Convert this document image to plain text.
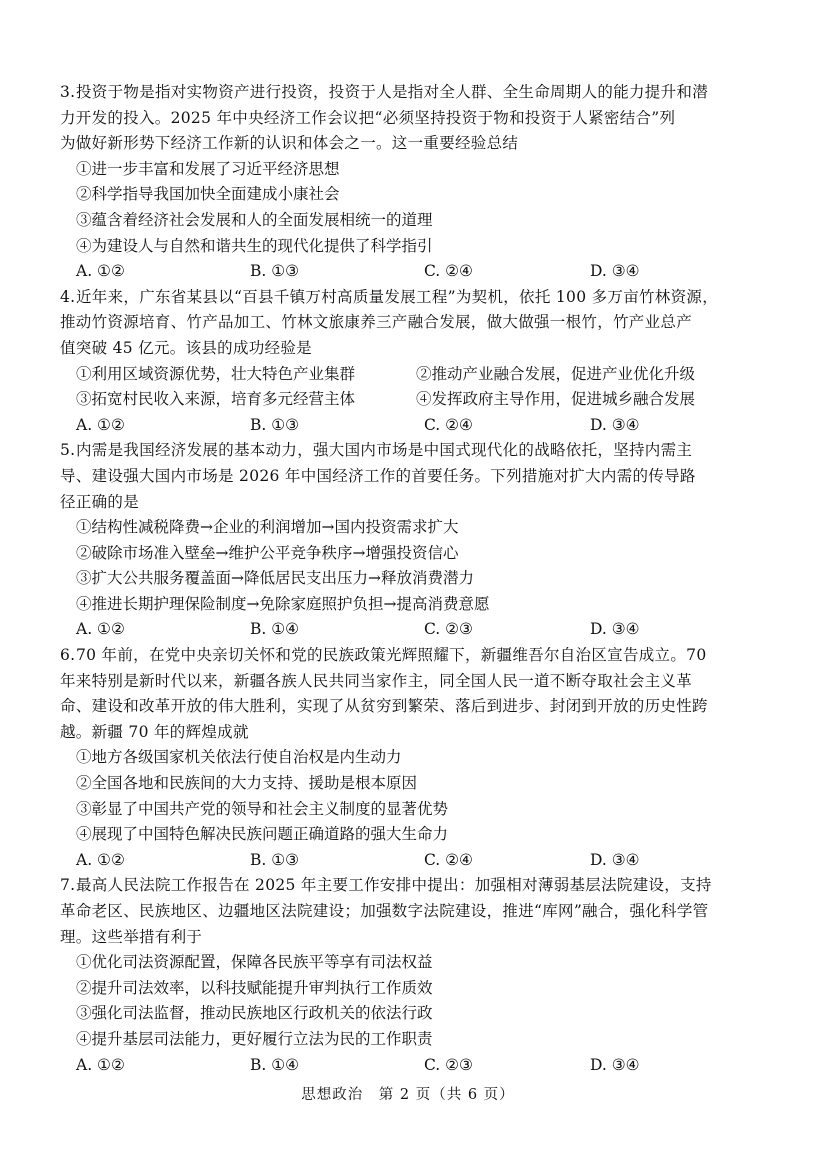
3.投资于物是指对实物资产进行投资，投资于人是指对全人群、全生命周期人的能力提升和潜
力开发的投入。2025 年中央经济工作会议把“必须坚持投资于物和投资于人紧密结合”列
为做好新形势下经济工作新的认识和体会之一。这一重要经验总结
①进一步丰富和发展了习近平经济思想
②科学指导我国加快全面建成小康社会
③蕴含着经济社会发展和人的全面发展相统一的道理
④为建设人与自然和谐共生的现代化提供了科学指引
A. ①②	B. ①③	C. ②④	D. ③④
4.近年来，广东省某县以“百县千镇万村高质量发展工程”为契机，依托 100 多万亩竹林资源，
推动竹资源培育、竹产品加工、竹林文旅康养三产融合发展，做大做强一根竹，竹产业总产
值突破 45 亿元。该县的成功经验是
①利用区域资源优势，壮大特色产业集群	②推动产业融合发展，促进产业优化升级
③拓宽村民收入来源，培育多元经营主体	④发挥政府主导作用，促进城乡融合发展
A. ①②	B. ①③	C. ②④	D. ③④
5.内需是我国经济发展的基本动力，强大国内市场是中国式现代化的战略依托，坚持内需主
导、建设强大国内市场是 2026 年中国经济工作的首要任务。下列措施对扩大内需的传导路
径正确的是
①结构性减税降费→企业的利润增加→国内投资需求扩大
②破除市场准入壁垒→维护公平竞争秩序→增强投资信心
③扩大公共服务覆盖面→降低居民支出压力→释放消费潜力
④推进长期护理保险制度→免除家庭照护负担→提高消费意愿
A. ①②	B. ①④	C. ②③	D. ③④
6.70 年前，在党中央亲切关怀和党的民族政策光辉照耀下，新疆维吾尔自治区宣告成立。70
年来特别是新时代以来，新疆各族人民共同当家作主，同全国人民一道不断夺取社会主义革
命、建设和改革开放的伟大胜利，实现了从贫穷到繁荣、落后到进步、封闭到开放的历史性跨
越。新疆 70 年的辉煌成就
①地方各级国家机关依法行使自治权是内生动力
②全国各地和民族间的大力支持、援助是根本原因
③彰显了中国共产党的领导和社会主义制度的显著优势
④展现了中国特色解决民族问题正确道路的强大生命力
A. ①②	B. ①③	C. ②④	D. ③④
7.最高人民法院工作报告在 2025 年主要工作安排中提出：加强相对薄弱基层法院建设，支持
革命老区、民族地区、边疆地区法院建设；加强数字法院建设，推进“库网”融合，强化科学管
理。这些举措有利于
①优化司法资源配置，保障各民族平等享有司法权益
②提升司法效率，以科技赋能提升审判执行工作质效
③强化司法监督，推动民族地区行政机关的依法行政
④提升基层司法能力，更好履行立法为民的工作职责
A. ①②	B. ①④	C. ②③	D. ③④
思想政治  第 2 页（共 6 页）
